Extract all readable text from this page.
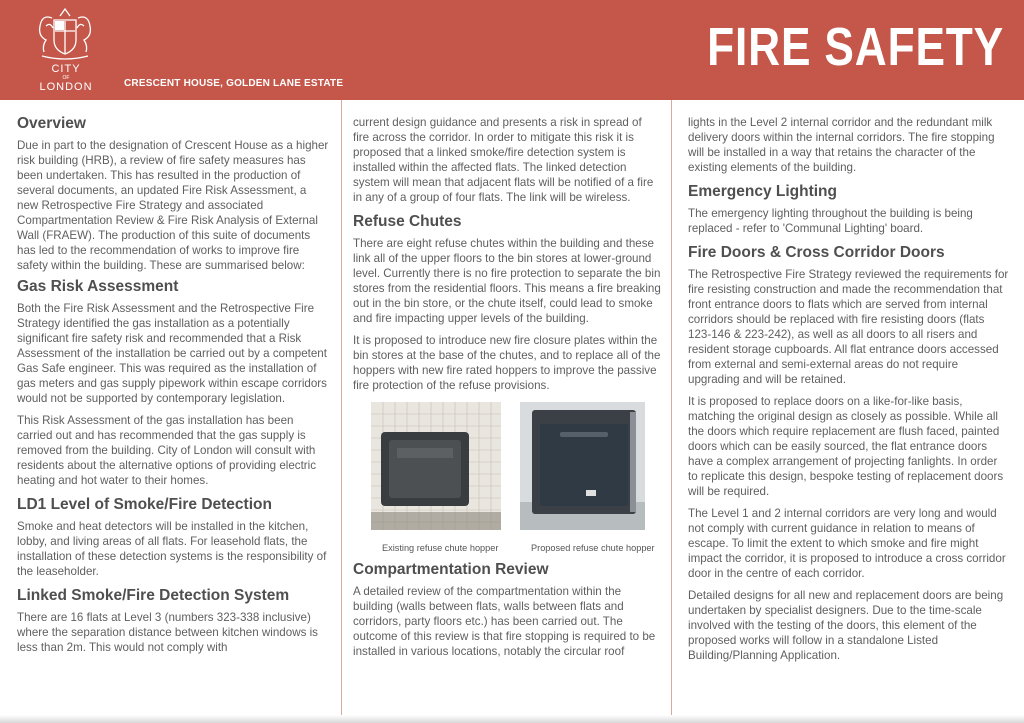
CITY
OF
LONDON	CRESCENT HOUSE, GOLDEN LANE ESTATE
FIRE SAFETY
Overview

Due in part to the designation of Crescent House as a higher risk building (HRB), a review of fire safety measures has been undertaken. This has resulted in the production of several documents, an updated Fire Risk Assessment, a new Retrospective Fire Strategy and associated Compartmentation Review & Fire Risk Analysis of External Wall (FRAEW). The production of this suite of documents has led to the recommendation of works to improve fire safety within the building. These are summarised below:

Gas Risk Assessment

Both the Fire Risk Assessment and the Retrospective Fire Strategy identified the gas installation as a potentially significant fire safety risk and recommended that a Risk Assessment of the installation be carried out by a competent Gas Safe engineer. This was required as the installation of gas meters and gas supply pipework within escape corridors would not be supported by contemporary legislation.

This Risk Assessment of the gas installation has been carried out and has recommended that the gas supply is removed from the building. City of London will consult with residents about the alternative options of providing electric heating and hot water to their homes.

LD1 Level of Smoke/Fire Detection

Smoke and heat detectors will be installed in the kitchen, lobby, and living areas of all flats. For leasehold flats, the installation of these detection systems is the responsibility of the leaseholder.

Linked Smoke/Fire Detection System

There are 16 flats at Level 3 (numbers 323-338 inclusive) where the separation distance between kitchen windows is less than 2m. This would not comply with

current design guidance and presents a risk in spread of fire across the corridor. In order to mitigate this risk it is proposed that a linked smoke/fire detection system is installed within the affected flats. The linked detection system will mean that adjacent flats will be notified of a fire in any of a group of four flats. The link will be wireless.

Refuse Chutes

There are eight refuse chutes within the building and these link all of the upper floors to the bin stores at lower-ground level. Currently there is no fire protection to separate the bin stores from the residential floors. This means a fire breaking out in the bin store, or the chute itself, could lead to smoke and fire impacting upper levels of the building.

It is proposed to introduce new fire closure plates within the bin stores at the base of the chutes, and to replace all of the hoppers with new fire rated hoppers to improve the passive fire protection of the refuse provisions.

Existing refuse chute hopper	Proposed refuse chute hopper
Compartmentation Review

A detailed review of the compartmentation within the building (walls between flats, walls between flats and corridors, party floors etc.) has been carried out. The outcome of this review is that fire stopping is required to be installed in various locations, notably the circular roof

lights in the Level 2 internal corridor and the redundant milk delivery doors within the internal corridors. The fire stopping will be installed in a way that retains the character of the existing elements of the building.

Emergency Lighting

The emergency lighting throughout the building is being replaced - refer to 'Communal Lighting' board.

Fire Doors & Cross Corridor Doors

The Retrospective Fire Strategy reviewed the requirements for fire resisting construction and made the recommendation that front entrance doors to flats which are served from internal corridors should be replaced with fire resisting doors (flats 123-146 & 223-242), as well as all doors to all risers and resident storage cupboards. All flat entrance doors accessed from external and semi-external areas do not require upgrading and will be retained.

It is proposed to replace doors on a like-for-like basis, matching the original design as closely as possible. While all the doors which require replacement are flush faced, painted doors which can be easily sourced, the flat entrance doors have a complex arrangement of projecting fanlights. In order to replicate this design, bespoke testing of replacement doors will be required.

The Level 1 and 2 internal corridors are very long and would not comply with current guidance in relation to means of escape. To limit the extent to which smoke and fire might impact the corridor, it is proposed to introduce a cross corridor door in the centre of each corridor.

Detailed designs for all new and replacement doors are being undertaken by specialist designers. Due to the time-scale involved with the testing of the doors, this element of the proposed works will follow in a standalone Listed Building/Planning Application.
